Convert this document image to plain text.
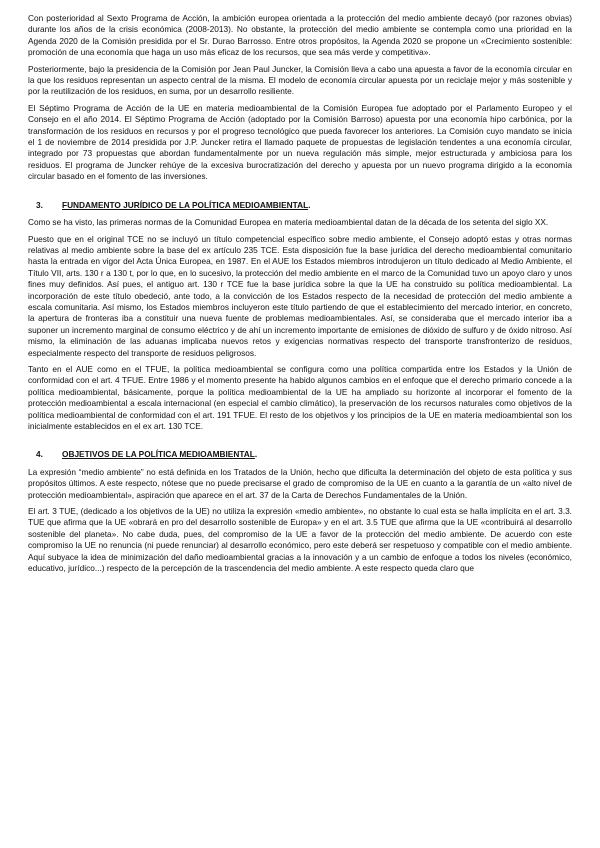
Con posterioridad al Sexto Programa de Acción, la ambición europea orientada a la protección del medio ambiente decayó (por razones obvias) durante los años de la crisis económica (2008-2013). No obstante, la protección del medio ambiente se contempla como una prioridad en la Agenda 2020 de la Comisión presidida por el Sr. Durao Barrosso. Entre otros propósitos, la Agenda 2020 se propone un «Crecimiento sostenible: promoción de una economía que haga un uso más eficaz de los recursos, que sea más verde y competitiva».

Posteriormente, bajo la presidencia de la Comisión por Jean Paul Juncker, la Comisión lleva a cabo una apuesta a favor de la economía circular en la que los residuos representan un aspecto central de la misma. El modelo de economía circular apuesta por un reciclaje mejor y más sostenible y por la reutilización de los residuos, en suma, por un desarrollo resiliente.

El Séptimo Programa de Acción de la UE en materia medioambiental de la Comisión Europea fue adoptado por el Parlamento Europeo y el Consejo en el año 2014. El Séptimo Programa de Acción (adoptado por la Comisión Barroso) apuesta por una economía hipo carbónica, por la transformación de los residuos en recursos y por el progreso tecnológico que pueda favorecer los anteriores. La Comisión cuyo mandato se inicia el 1 de noviembre de 2014 presidida por J.P. Juncker retira el llamado paquete de propuestas de legislación tendentes a una economía circular, integrado por 73 propuestas que abordan fundamentalmente por un nueva regulación más simple, mejor estructurada y ambiciosa para los residuos. El programa de Juncker rehúye de la excesiva burocratización del derecho y apuesta por un nuevo programa dirigido a la economía circular basado en el fomento de las inversiones.

3. FUNDAMENTO JURÍDICO DE LA POLÍTICA MEDIOAMBIENTAL.

Como se ha visto, las primeras normas de la Comunidad Europea en materia medioambiental datan de la década de los setenta del siglo XX.

Puesto que en el original TCE no se incluyó un título competencial específico sobre medio ambiente, el Consejo adoptó estas y otras normas relativas al medio ambiente sobre la base del ex artículo 235 TCE. Esta disposición fue la base jurídica del derecho medioambiental comunitario hasta la entrada en vigor del Acta Única Europea, en 1987. En el AUE los Estados miembros introdujeron un título dedicado al Medio Ambiente, el Título VII, arts. 130 r a 130 t, por lo que, en lo sucesivo, la protección del medio ambiente en el marco de la Comunidad tuvo un apoyo claro y unos fines muy definidos. Así pues, el antiguo art. 130 r TCE fue la base jurídica sobre la que la UE ha construido su política medioambiental. La incorporación de este título obedeció, ante todo, a la convicción de los Estados respecto de la necesidad de protección del medio ambiente a escala comunitaria. Así mismo, los Estados miembros incluyeron este título partiendo de que el establecimiento del mercado interior, en concreto, la apertura de fronteras iba a constituir una nueva fuente de problemas medioambientales. Así, se consideraba que el mercado interior iba a suponer un incremento marginal de consumo eléctrico y de ahí un incremento importante de emisiones de dióxido de sulfuro y de óxido nitroso. Así mismo, la eliminación de las aduanas implicaba nuevos retos y exigencias normativas respecto del transporte transfronterizo de residuos, especialmente respecto del transporte de residuos peligrosos.

Tanto en el AUE como en el TFUE, la política medioambiental se configura como una política compartida entre los Estados y la Unión de conformidad con el art. 4 TFUE. Entre 1986 y el momento presente ha habido algunos cambios en el enfoque que el derecho primario concede a la política medioambiental, básicamente, porque la política medioambiental de la UE ha ampliado su horizonte al incorporar el fomento de la protección medioambiental a escala internacional (en especial el cambio climático), la preservación de los recursos naturales como objetivos de la política medioambiental de conformidad con el art. 191 TFUE. El resto de los objetivos y los principios de la UE en materia medioambiental son los inicialmente establecidos en el ex art. 130 TCE.

4. OBJETIVOS DE LA POLÍTICA MEDIOAMBIENTAL.

La expresión “medio ambiente” no está definida en los Tratados de la Unión, hecho que dificulta la determinación del objeto de esta política y sus propósitos últimos. A este respecto, nótese que no puede precisarse el grado de compromiso de la UE en cuanto a la garantía de un «alto nivel de protección medioambiental», aspiración que aparece en el art. 37 de la Carta de Derechos Fundamentales de la Unión.

El art. 3 TUE, (dedicado a los objetivos de la UE) no utiliza la expresión «medio ambiente», no obstante lo cual esta se halla implícita en el art. 3.3. TUE que afirma que la UE «obrará en pro del desarrollo sostenible de Europa» y en el art. 3.5 TUE que afirma que la UE «contribuirá al desarrollo sostenible del planeta». No cabe duda, pues, del compromiso de la UE a favor de la protección del medio ambiente. De acuerdo con este compromiso la UE no renuncia (ni puede renunciar) al desarrollo económico, pero este deberá ser respetuoso y compatible con el medio ambiente. Aquí subyace la idea de minimización del daño medioambiental gracias a la innovación y a un cambio de enfoque a todos los niveles (económico, educativo, jurídico...) respecto de la percepción de la trascendencia del medio ambiente. A este respecto queda claro que
